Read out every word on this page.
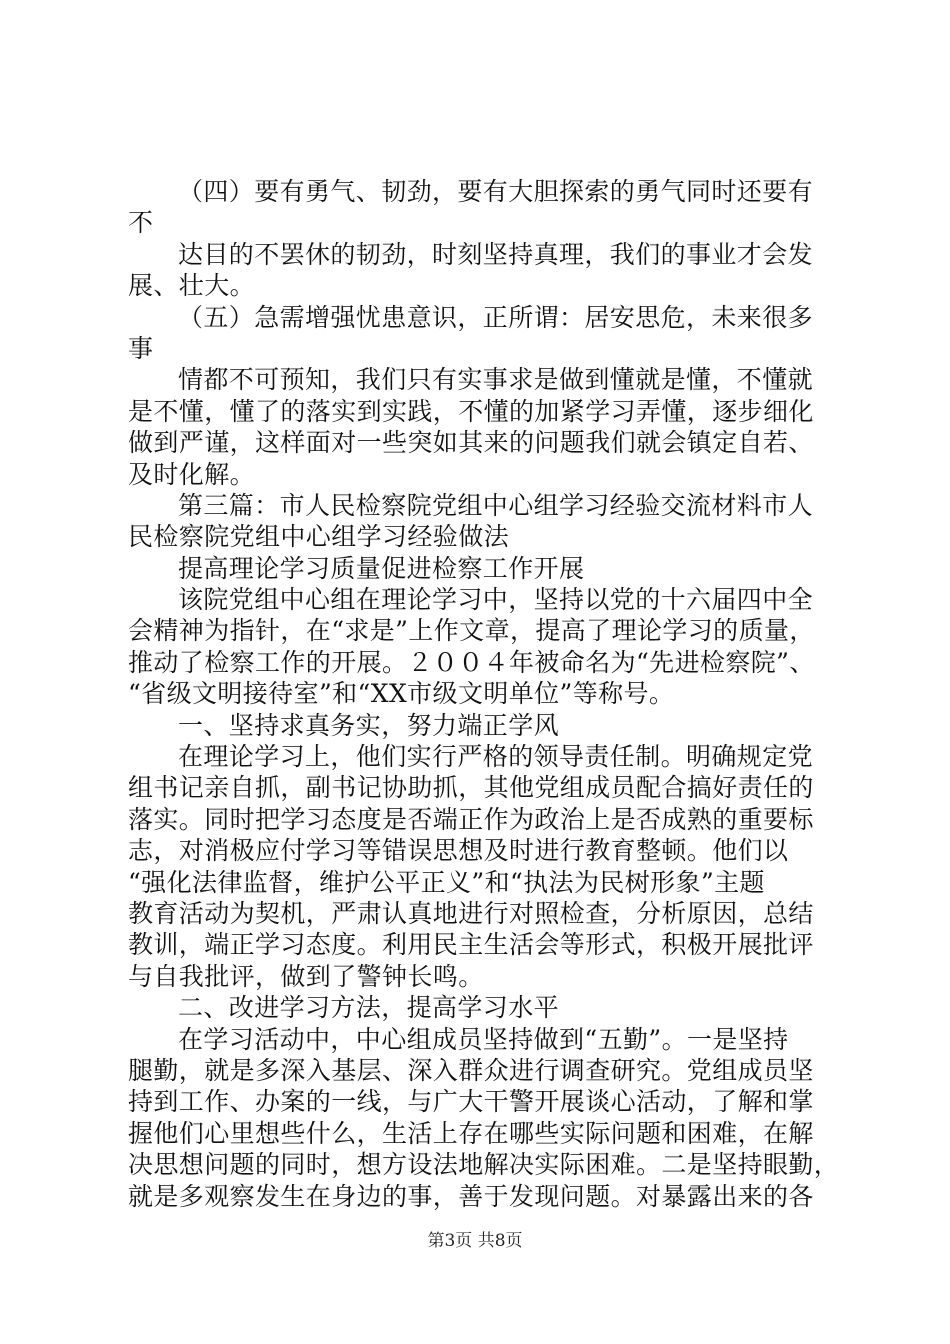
（四）要有勇气、韧劲，要有大胆探索的勇气同时还要有
不
达目的不罢休的韧劲，时刻坚持真理，我们的事业才会发
展、壮大。
（五）急需增强忧患意识，正所谓：居安思危，未来很多
事
情都不可预知，我们只有实事求是做到懂就是懂，不懂就
是不懂，懂了的落实到实践，不懂的加紧学习弄懂，逐步细化
做到严谨，这样面对一些突如其来的问题我们就会镇定自若、
及时化解。
第三篇：市人民检察院党组中心组学习经验交流材料市人
民检察院党组中心组学习经验做法
提高理论学习质量促进检察工作开展
该院党组中心组在理论学习中，坚持以党的十六届四中全
会精神为指针，在“求是”上作文章，提高了理论学习的质量，
推动了检察工作的开展。２００４年被命名为“先进检察院”、
“省级文明接待室”和“XX市级文明单位”等称号。
一、坚持求真务实，努力端正学风
在理论学习上，他们实行严格的领导责任制。明确规定党
组书记亲自抓，副书记协助抓，其他党组成员配合搞好责任的
落实。同时把学习态度是否端正作为政治上是否成熟的重要标
志，对消极应付学习等错误思想及时进行教育整顿。他们以
“强化法律监督，维护公平正义”和“执法为民树形象”主题
教育活动为契机，严肃认真地进行对照检查，分析原因，总结
教训，端正学习态度。利用民主生活会等形式，积极开展批评
与自我批评，做到了警钟长鸣。
二、改进学习方法，提高学习水平
在学习活动中，中心组成员坚持做到“五勤”。一是坚持
腿勤，就是多深入基层、深入群众进行调查研究。党组成员坚
持到工作、办案的一线，与广大干警开展谈心活动，了解和掌
握他们心里想些什么，生活上存在哪些实际问题和困难，在解
决思想问题的同时，想方设法地解决实际困难。二是坚持眼勤，
就是多观察发生在身边的事，善于发现问题。对暴露出来的各
第3页 共8页
